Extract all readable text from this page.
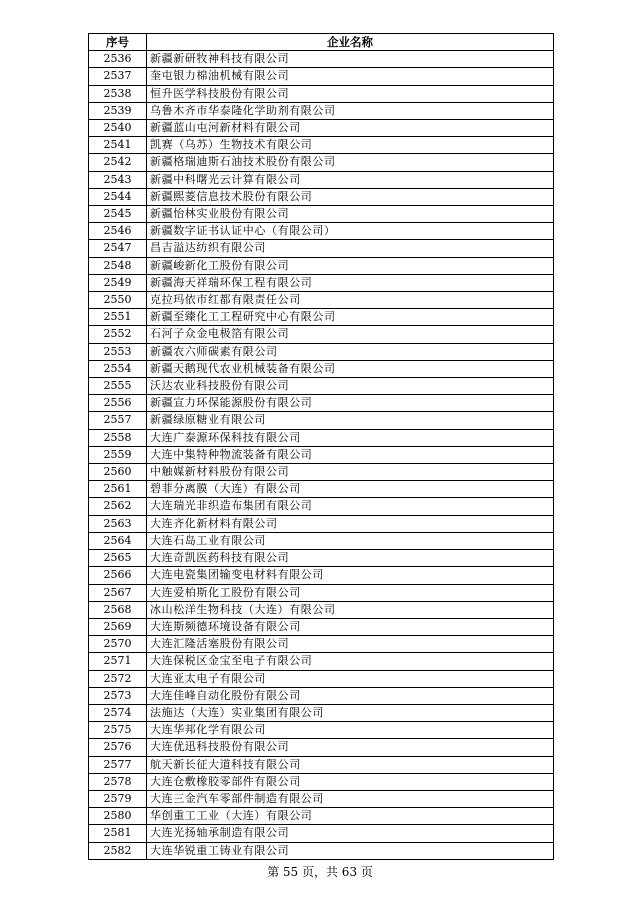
序号	企业名称
2536	新疆新研牧神科技有限公司
2537	奎屯银力棉油机械有限公司
2538	恒升医学科技股份有限公司
2539	乌鲁木齐市华泰隆化学助剂有限公司
2540	新疆蓝山屯河新材料有限公司
2541	凯赛（乌苏）生物技术有限公司
2542	新疆格瑞迪斯石油技术股份有限公司
2543	新疆中科曙光云计算有限公司
2544	新疆熙菱信息技术股份有限公司
2545	新疆怡林实业股份有限公司
2546	新疆数字证书认证中心（有限公司）
2547	昌吉溢达纺织有限公司
2548	新疆峻新化工股份有限公司
2549	新疆海天祥瑞环保工程有限公司
2550	克拉玛依市红都有限责任公司
2551	新疆至臻化工工程研究中心有限公司
2552	石河子众金电极箔有限公司
2553	新疆农六师碳素有限公司
2554	新疆天鹅现代农业机械装备有限公司
2555	沃达农业科技股份有限公司
2556	新疆宣力环保能源股份有限公司
2557	新疆绿原糖业有限公司
2558	大连广泰源环保科技有限公司
2559	大连中集特种物流装备有限公司
2560	中触媒新材料股份有限公司
2561	碧菲分离膜（大连）有限公司
2562	大连瑞光非织造布集团有限公司
2563	大连齐化新材料有限公司
2564	大连石岛工业有限公司
2565	大连奇凯医药科技有限公司
2566	大连电瓷集团输变电材料有限公司
2567	大连爱柏斯化工股份有限公司
2568	冰山松洋生物科技（大连）有限公司
2569	大连斯频德环境设备有限公司
2570	大连汇隆活塞股份有限公司
2571	大连保税区金宝至电子有限公司
2572	大连亚太电子有限公司
2573	大连佳峰自动化股份有限公司
2574	法施达（大连）实业集团有限公司
2575	大连华邦化学有限公司
2576	大连优迅科技股份有限公司
2577	航天新长征大道科技有限公司
2578	大连仓敷橡胶零部件有限公司
2579	大连三金汽车零部件制造有限公司
2580	华创重工工业（大连）有限公司
2581	大连光扬轴承制造有限公司
2582	大连华锐重工铸业有限公司
第 55 页，共 63 页
